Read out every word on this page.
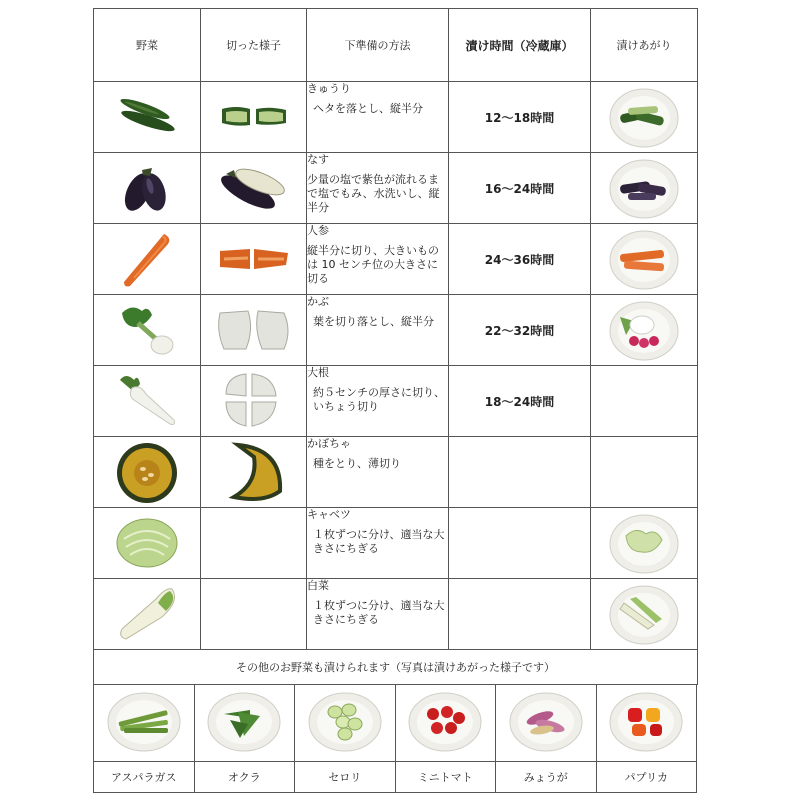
野菜	切った様子	下準備の方法	漬け時間（冷蔵庫）	漬けあがり

きゅうり
ヘタを落とし、縦半分	12〜18時間	

なす
少量の塩で紫色が流れるまで塩でもみ、水洗いし、縦半分	16〜24時間	

人参
縦半分に切り、大きいものは 10 センチ位の大きさに切る	24〜36時間	

かぶ
葉を切り落とし、縦半分	22〜32時間	

大根
約５センチの厚さに切り、いちょう切り	18〜24時間	

かぼちゃ
種をとり、薄切り		

キャベツ
１枚ずつに分け、適当な大きさにちぎる

白菜
１枚ずつに分け、適当な大きさにちぎる

その他のお野菜も漬けられます（写真は漬けあがった様子です）				

アスパラガス	オクラ	セロリ	ミニトマト	みょうが	パプリカ
